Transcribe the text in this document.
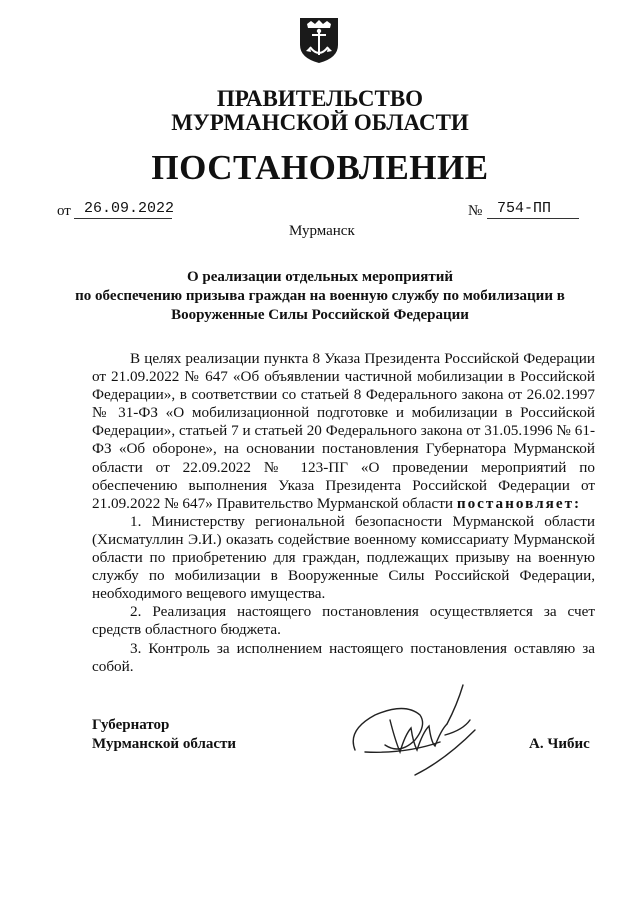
ПРАВИТЕЛЬСТВО
МУРМАНСКОЙ ОБЛАСТИ
ПОСТАНОВЛЕНИЕ
от 26.09.2022	№ 754-ПП
Мурманск
О реализации отдельных мероприятий
по обеспечению призыва граждан на военную службу по мобилизации в
Вооруженные Силы Российской Федерации

В целях реализации пункта 8 Указа Президента Российской Федерации от 21.09.2022 № 647 «Об объявлении частичной мобилизации в Российской Федерации», в соответствии со статьей 8 Федерального закона от 26.02.1997 № 31-ФЗ «О мобилизационной подготовке и мобилизации в Российской Федерации», статьей 7 и статьей 20 Федерального закона от 31.05.1996 № 61-ФЗ «Об обороне», на основании постановления Губернатора Мурманской области от 22.09.2022 № 123-ПГ «О проведении мероприятий по обеспечению выполнения Указа Президента Российской Федерации от 21.09.2022 № 647» Правительство Мурманской области постановляет:

1. Министерству региональной безопасности Мурманской области (Хисматуллин Э.И.) оказать содействие военному комиссариату Мурманской области по приобретению для граждан, подлежащих призыву на военную службу по мобилизации в Вооруженные Силы Российской Федерации, необходимого вещевого имущества.

2. Реализация настоящего постановления осуществляется за счет средств областного бюджета.

3. Контроль за исполнением настоящего постановления оставляю за собой.

Губернатор
Мурманской области	А. Чибис
